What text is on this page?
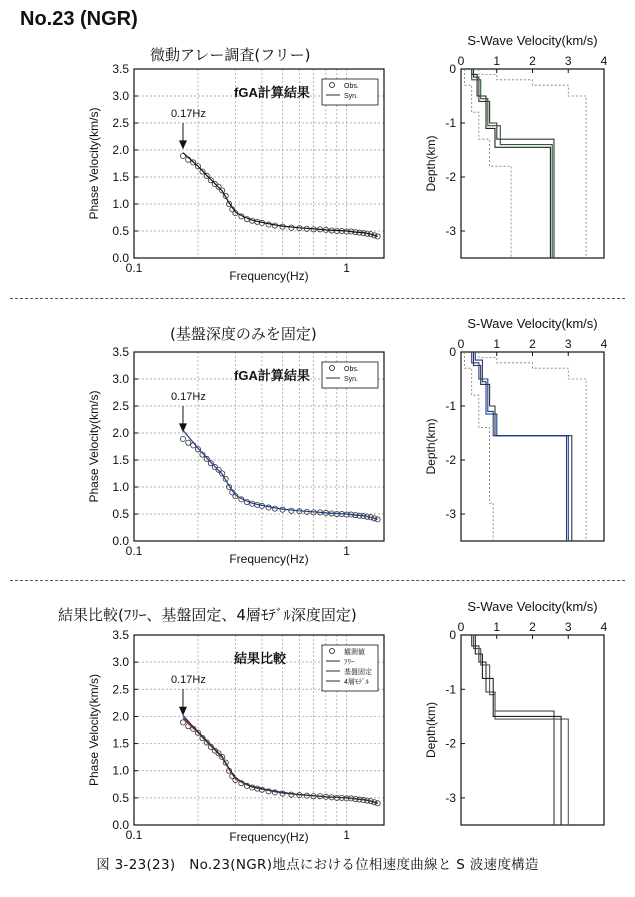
No.23 (NGR)
微動アレー調査(フリー)
0.0
0.5
1.0
1.5
2.0
2.5
3.0
3.5
0.1	1
Frequency(Hz)
Phase Velocity(km/s)
fGA計算結果	Obs.
Syn.
0.17Hz
0.0
0.5
1.0
1.5
2.0
2.5
3.0
3.5
0.1	1
Frequency(Hz)
Phase Velocity(km/s)
fGA計算結果	Obs.
Syn.
0.17Hz
0.0
0.5
1.0
1.5
2.0
2.5
3.0
3.5
0.1	1
Frequency(Hz)
Phase Velocity(km/s)
結果比較	観測値
ﾌﾘｰ
基盤固定
4層ﾓﾃﾞﾙ
0.17Hz
S-Wave Velocity(km/s)
0 1 2 3 4
0
-1
-2
-3
Depth(km)
S-Wave Velocity(km/s)
0 1 2 3 4
0
-1
-2
-3
Depth(km)
S-Wave Velocity(km/s)
0 1 2 3 4
0
-1
-2
-3
Depth(km)
(基盤深度のみを固定)
結果比較(ﾌﾘｰ、基盤固定、4層ﾓﾃﾞﾙ深度固定)
図 3-23(23)　No.23(NGR)地点における位相速度曲線と S 波速度構造
